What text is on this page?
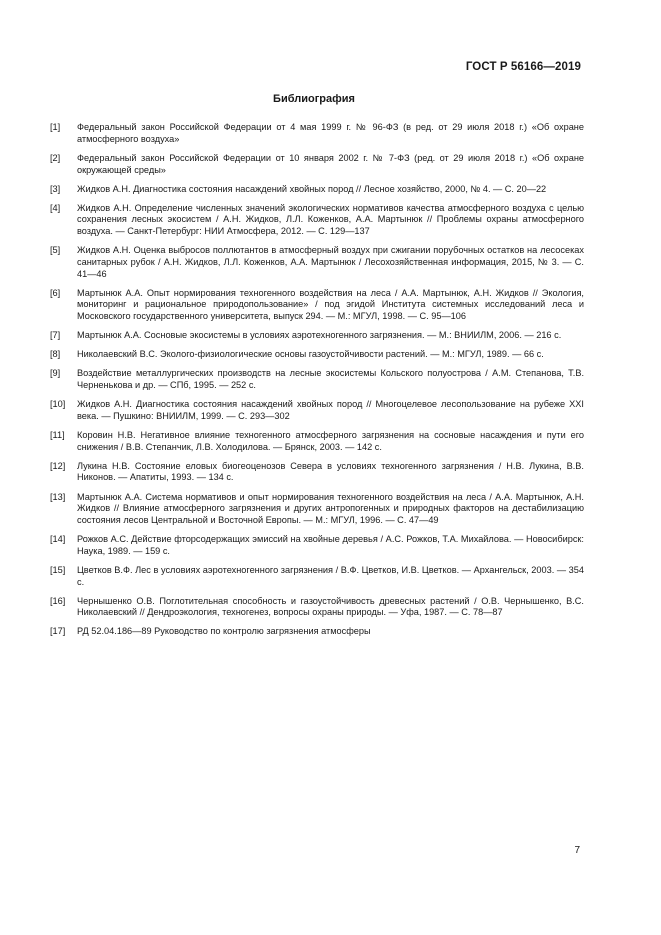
ГОСТ Р 56166—2019
Библиография
[1]	Федеральный закон Российской Федерации от 4 мая 1999 г. № 96-ФЗ (в ред. от 29 июля 2018 г.) «Об охране атмосферного воздуха»
[2]	Федеральный закон Российской Федерации от 10 января 2002 г. № 7-ФЗ (ред. от 29 июля 2018 г.) «Об охране окружающей среды»
[3]	Жидков А.Н. Диагностика состояния насаждений хвойных пород // Лесное хозяйство, 2000, № 4. — С. 20—22
[4]	Жидков А.Н. Определение численных значений экологических нормативов качества атмосферного воздуха с целью сохранения лесных экосистем / А.Н. Жидков, Л.Л. Коженков, А.А. Мартынюк // Проблемы охраны атмосферного воздуха. — Санкт-Петербург: НИИ Атмосфера, 2012. — С. 129—137
[5]	Жидков А.Н. Оценка выбросов поллютантов в атмосферный воздух при сжигании порубочных остатков на лесосеках санитарных рубок / А.Н. Жидков, Л.Л. Коженков, А.А. Мартынюк / Лесохозяйственная информация, 2015, № 3. — С. 41—46
[6]	Мартынюк А.А. Опыт нормирования техногенного воздействия на леса / А.А. Мартынюк, А.Н. Жидков // Экология, мониторинг и рациональное природопользование» / под эгидой Института системных исследований леса и Московского государственного университета, выпуск 294. — М.: МГУЛ, 1998. — С. 95—106
[7]	Мартынюк А.А. Сосновые экосистемы в условиях аэротехногенного загрязнения. — М.: ВНИИЛМ, 2006. — 216 с.
[8]	Николаевский В.С. Эколого-физиологические основы газоустойчивости растений. — М.: МГУЛ, 1989. — 66 с.
[9]	Воздействие металлургических производств на лесные экосистемы Кольского полуострова / А.М. Степанова, Т.В. Черненькова и др. — СПб, 1995. — 252 с.
[10]	Жидков А.Н. Диагностика состояния насаждений хвойных пород // Многоцелевое лесопользование на рубеже XXI века. — Пушкино: ВНИИЛМ, 1999. — С. 293—302
[11]	Коровин Н.В. Негативное влияние техногенного атмосферного загрязнения на сосновые насаждения и пути его снижения / В.В. Степанчик, Л.В. Холодилова. — Брянск, 2003. — 142 с.
[12]	Лукина Н.В. Состояние еловых биогеоценозов Севера в условиях техногенного загрязнения / Н.В. Лукина, В.В. Никонов. — Апатиты, 1993. — 134 с.
[13]	Мартынюк А.А. Система нормативов и опыт нормирования техногенного воздействия на леса / А.А. Мартынюк, А.Н. Жидков // Влияние атмосферного загрязнения и других антропогенных и природных факторов на дестабилизацию состояния лесов Центральной и Восточной Европы. — М.: МГУЛ, 1996. — С. 47—49
[14]	Рожков А.С. Действие фторсодержащих эмиссий на хвойные деревья / А.С. Рожков, Т.А. Михайлова. — Новосибирск: Наука, 1989. — 159 с.
[15]	Цветков В.Ф. Лес в условиях аэротехногенного загрязнения / В.Ф. Цветков, И.В. Цветков. — Архангельск, 2003. — 354 с.
[16]	Чернышенко О.В. Поглотительная способность и газоустойчивость древесных растений / О.В. Чернышенко, В.С. Николаевский // Дендроэкология, техногенез, вопросы охраны природы. — Уфа, 1987. — С. 78—87
[17]	РД 52.04.186—89 Руководство по контролю загрязнения атмосферы
7
